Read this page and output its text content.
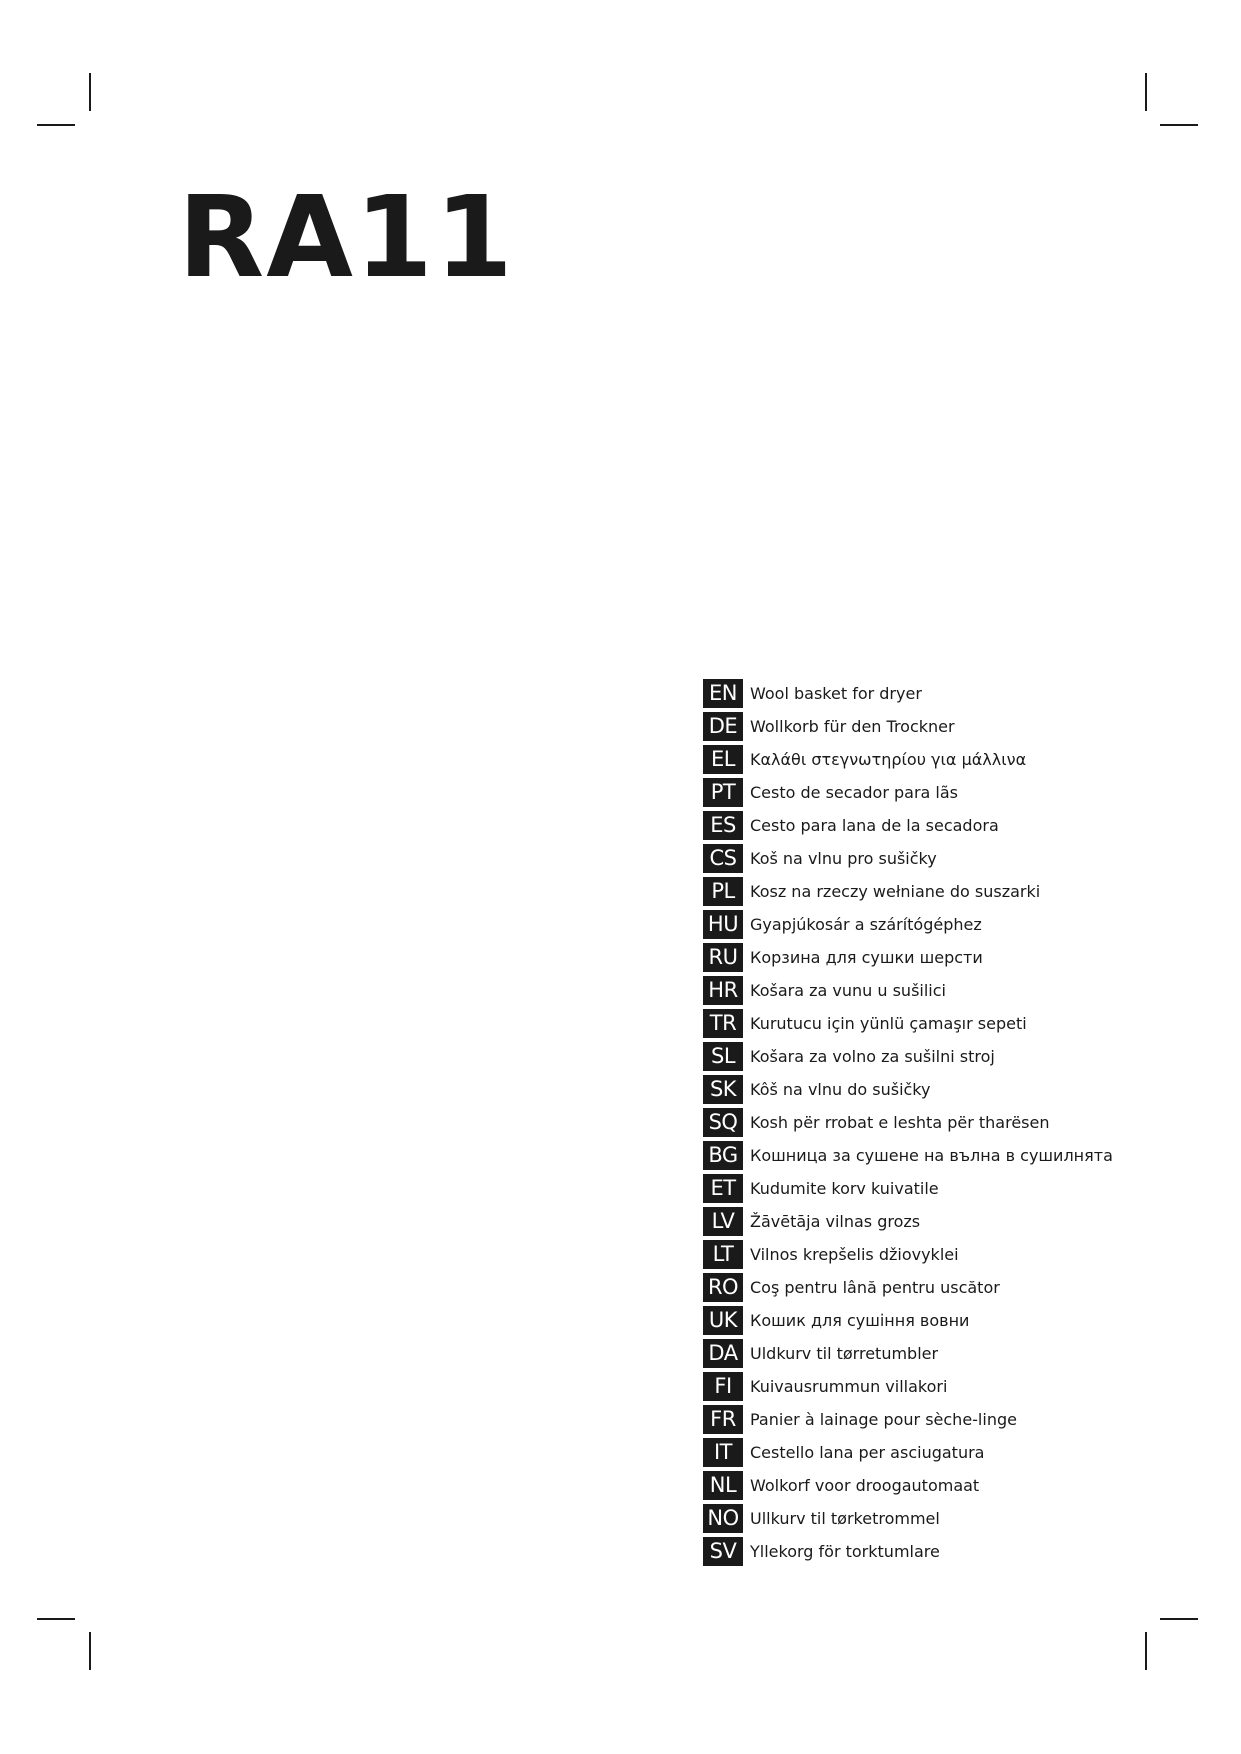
RA11
EN Wool basket for dryer
DE Wollkorb für den Trockner
EL Καλάθι στεγνωτηρίου για μάλλινα
PT Cesto de secador para lãs
ES Cesto para lana de la secadora
CS Koš na vlnu pro sušičky
PL Kosz na rzeczy wełniane do suszarki
HU Gyapjúkosár a szárítógéphez
RU Корзина для сушки шерсти
HR Košara za vunu u sušilici
TR Kurutucu için yünlü çamaşır sepeti
SL Košara za volno za sušilni stroj
SK Kôš na vlnu do sušičky
SQ Kosh për rrobat e leshta për tharësen
BG Кошница за сушене на вълна в сушилнята
ET Kudumite korv kuivatile
LV Žāvētāja vilnas grozs
LT	Vilnos krepšelis džiovyklei
RO Coş pentru lână pentru uscător
UK Кошик для сушіння вовни
DA Uldkurv til tørretumbler
FI	Kuivausrummun villakori
FR Panier à lainage pour sèche-linge
IT	Cestello lana per asciugatura
NL Wolkorf voor droogautomaat
NO Ullkurv til tørketrommel
SV Yllekorg för torktumlare
